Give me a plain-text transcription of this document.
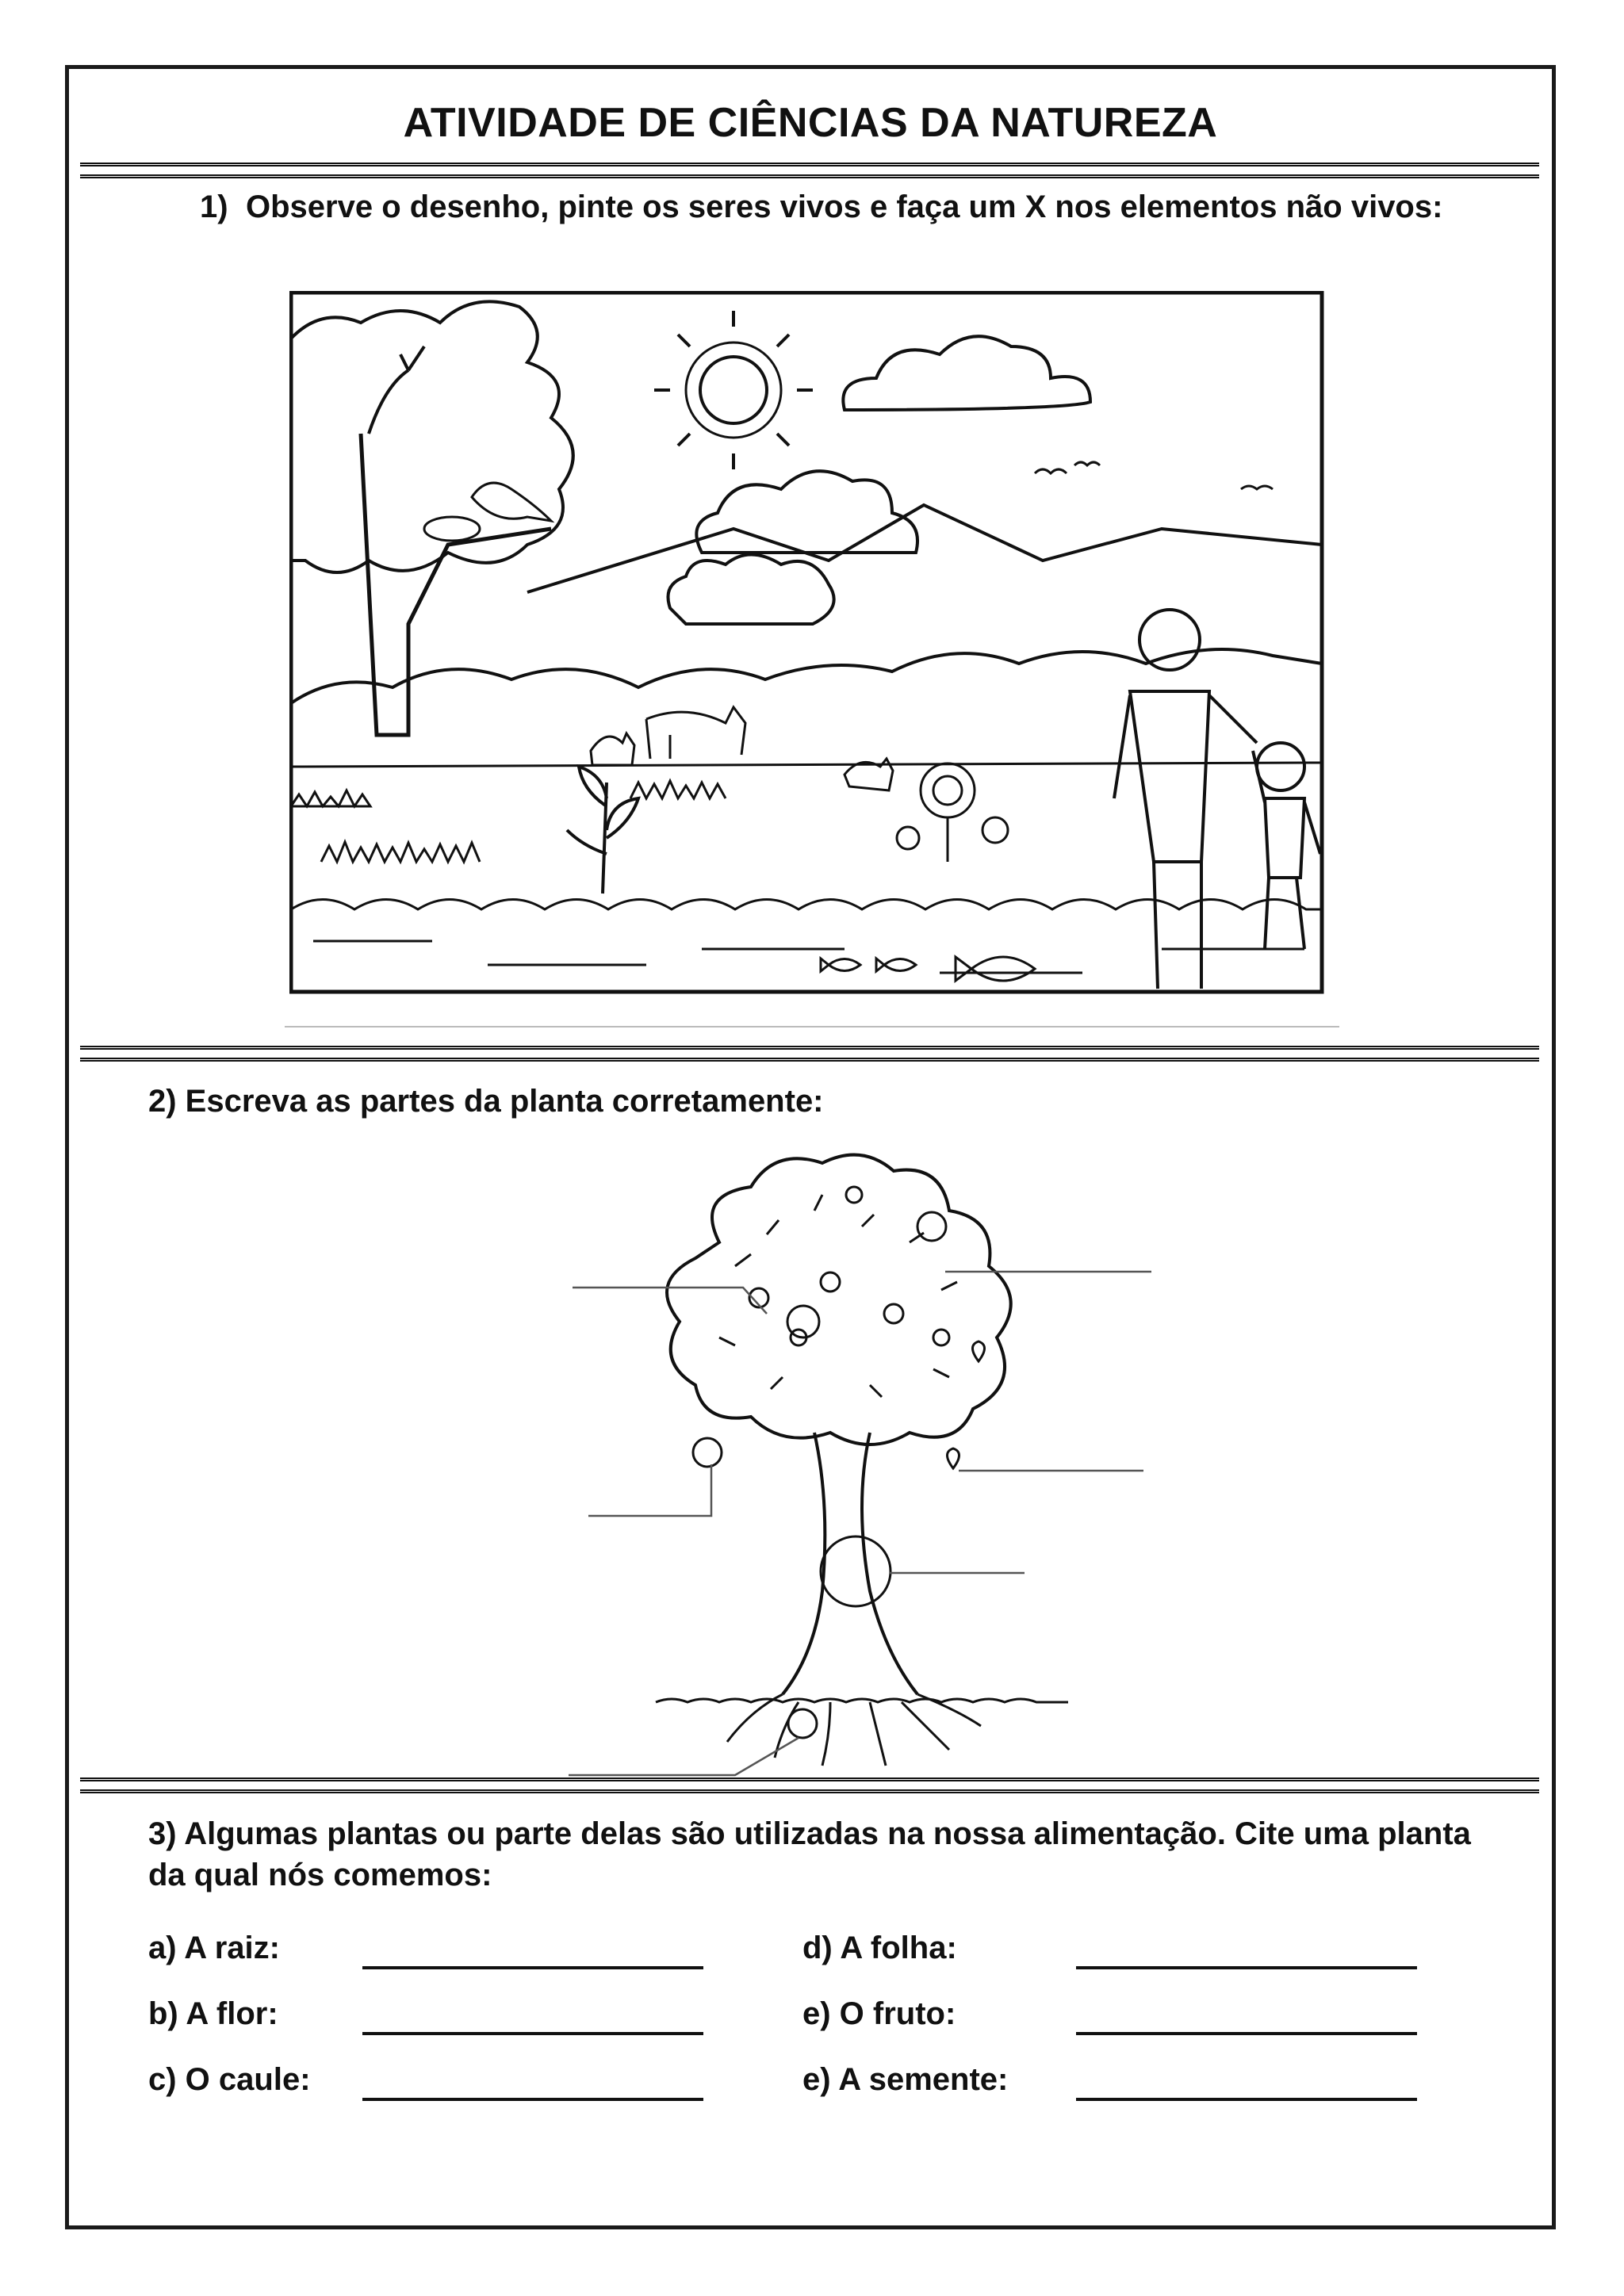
ATIVIDADE DE CIÊNCIAS DA NATUREZA
1) Observe o desenho, pinte os seres vivos e faça um X nos elementos não vivos:
2) Escreva as partes da planta corretamente:
3) Algumas plantas ou parte delas são utilizadas na nossa alimentação. Cite uma planta da qual nós comemos:
a) A raiz:	d) A folha:
b) A flor:	e) O fruto:
c) O caule:	e) A semente:
